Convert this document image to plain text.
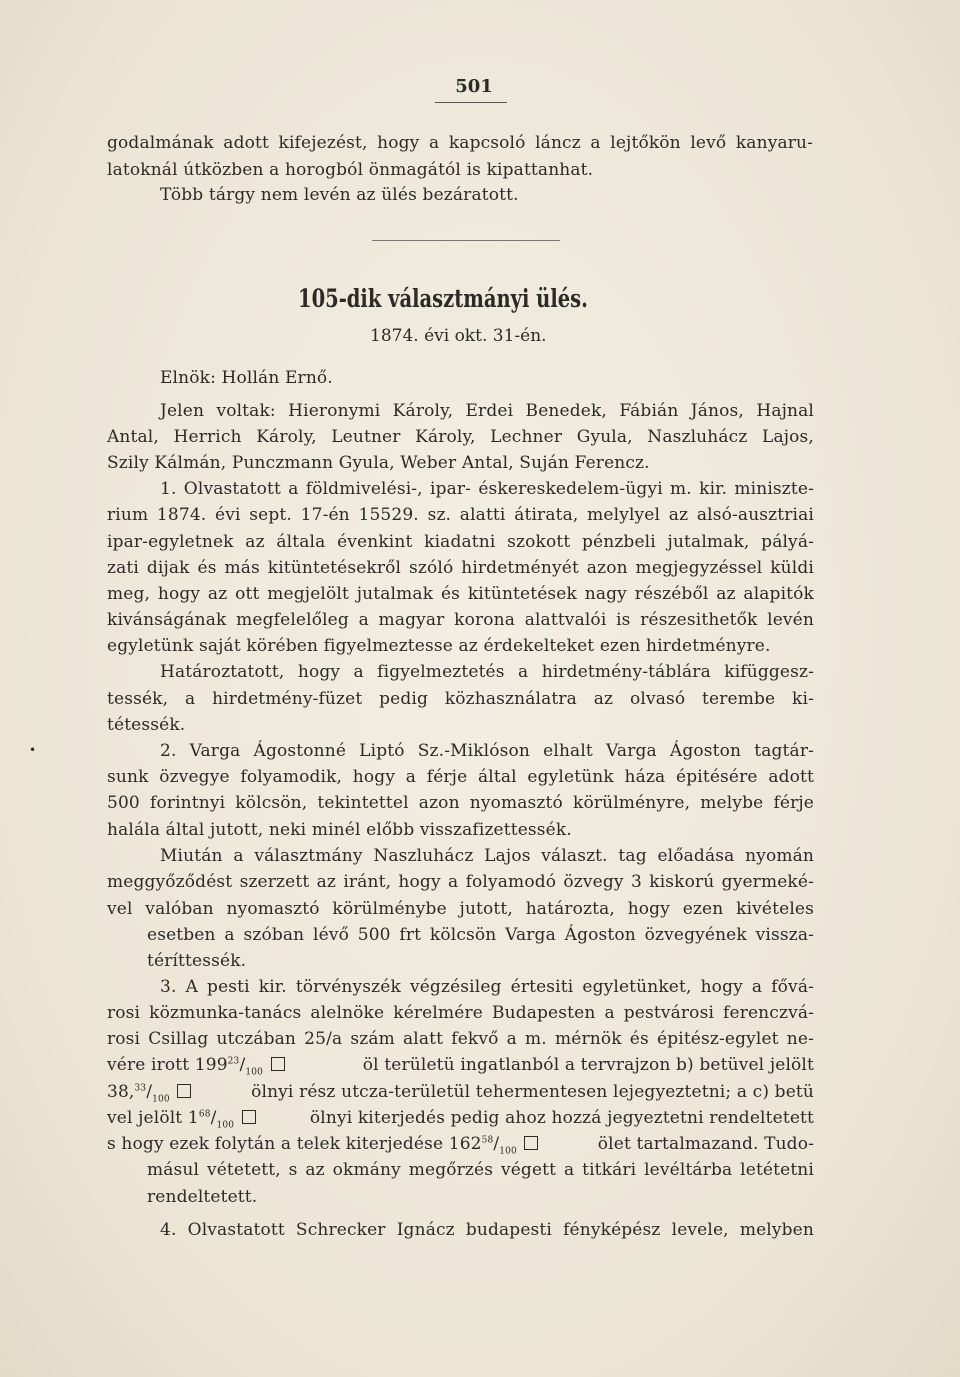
501
godalmának adott kifejezést, hogy a kapcsoló láncz a lejtőkön levő kanyaru-
latoknál útközben a horogból önmagától is kipattanhat.
Több tárgy nem levén az ülés bezáratott.
105-dik választmányi ülés.
1874. évi okt. 31-én.
Elnök: Hollán Ernő.
Jelen voltak: Hieronymi Károly, Erdei Benedek, Fábián János, Hajnal
Antal, Herrich Károly, Leutner Károly, Lechner Gyula, Naszluhácz Lajos,
Szily Kálmán, Punczmann Gyula, Weber Antal, Suján Ferencz.
1. Olvastatott a földmivelési-, ipar- éskereskedelem-ügyi m. kir. miniszte-
rium 1874. évi sept. 17-én 15529. sz. alatti átirata, melylyel az alsó-ausztriai
ipar-egyletnek az általa évenkint kiadatni szokott pénzbeli jutalmak, pályá-
zati dijak és más kitüntetésekről szóló hirdetményét azon megjegyzéssel küldi
meg, hogy az ott megjelölt jutalmak és kitüntetések nagy részéből az alapitók
kivánságának megfelelőleg a magyar korona alattvalói is részesithetők levén
egyletünk saját körében figyelmeztesse az érdekelteket ezen hirdetményre.
Határoztatott, hogy a figyelmeztetés a hirdetmény-táblára kifüggesz-
tessék, a hirdetmény-füzet pedig közhasználatra az olvasó terembe ki-
tétessék.
2. Varga Ágostonné Liptó Sz.-Miklóson elhalt Varga Ágoston tagtár-
sunk özvegye folyamodik, hogy a férje által egyletünk háza épitésére adott
500 forintnyi kölcsön, tekintettel azon nyomasztó körülményre, melybe férje
halála által jutott, neki minél előbb visszafizettessék.
Miután a választmány Naszluhácz Lajos választ. tag előadása nyomán
meggyőződést szerzett az iránt, hogy a folyamodó özvegy 3 kiskorú gyermeké-
vel valóban nyomasztó körülménybe jutott, határozta, hogy ezen kivételes
esetben a szóban lévő 500 frt kölcsön Varga Ágoston özvegyének vissza-
téríttessék.
3. A pesti kir. törvényszék végzésileg értesiti egyletünket, hogy a fővá-
rosi közmunka-tanács alelnöke kérelmére Budapesten a pestvárosi ferenczvá-
rosi Csillag utczában 25/a szám alatt fekvő a m. mérnök és épitész-egylet ne-
vére irott $199^{23}/_{100}$	öl területü ingatlanból a tervrajzon b) betüvel jelölt
$38,33/_{100}$	ölnyi rész utcza-területül tehermentesen lejegyeztetni; a c) betü
vel jelölt $1^{68}/_{100}$	ölnyi kiterjedés pedig ahoz hozzá jegyeztetni rendeltetett
s hogy ezek folytán a telek kiterjedése $162^{58}/_{100}$	ölet tartalmazand. Tudo-
másul vétetett, s az okmány megőrzés végett a titkári levéltárba letétetni
rendeltetett.
4. Olvastatott Schrecker Ignácz budapesti fényképész levele, melyben
•
